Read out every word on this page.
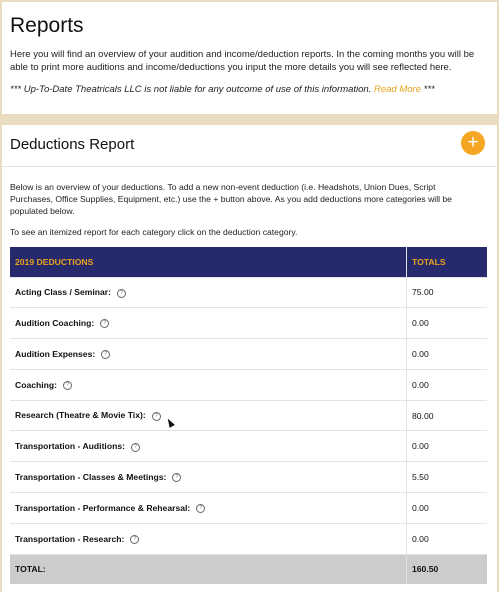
Reports

Here you will find an overview of your audition and income/deduction reports. In the coming months you will be able to print more auditions and income/deductions you input the more details you will see reflected here.

*** Up-To-Date Theatricals LLC is not liable for any outcome of use of this information. Read More ***

Deductions Report	+

Below is an overview of your deductions. To add a new non-event deduction (i.e. Headshots, Union Dues, Script Purchases, Office Supplies, Equipment, etc.) use the + button above. As you add deductions more categories will be populated below.

To see an itemized report for each category click on the deduction category.

2019 DEDUCTIONS	TOTALS
Acting Class / Seminar: ?	75.00
Audition Coaching: ?	0.00
Audition Expenses: ?	0.00
Coaching: ?	0.00
Research (Theatre & Movie Tix): ?	80.00
Transportation - Auditions: ?	0.00
Transportation - Classes & Meetings: ?	5.50
Transportation - Performance & Rehearsal: ?	0.00
Transportation - Research: ?	0.00
TOTAL:	160.50
